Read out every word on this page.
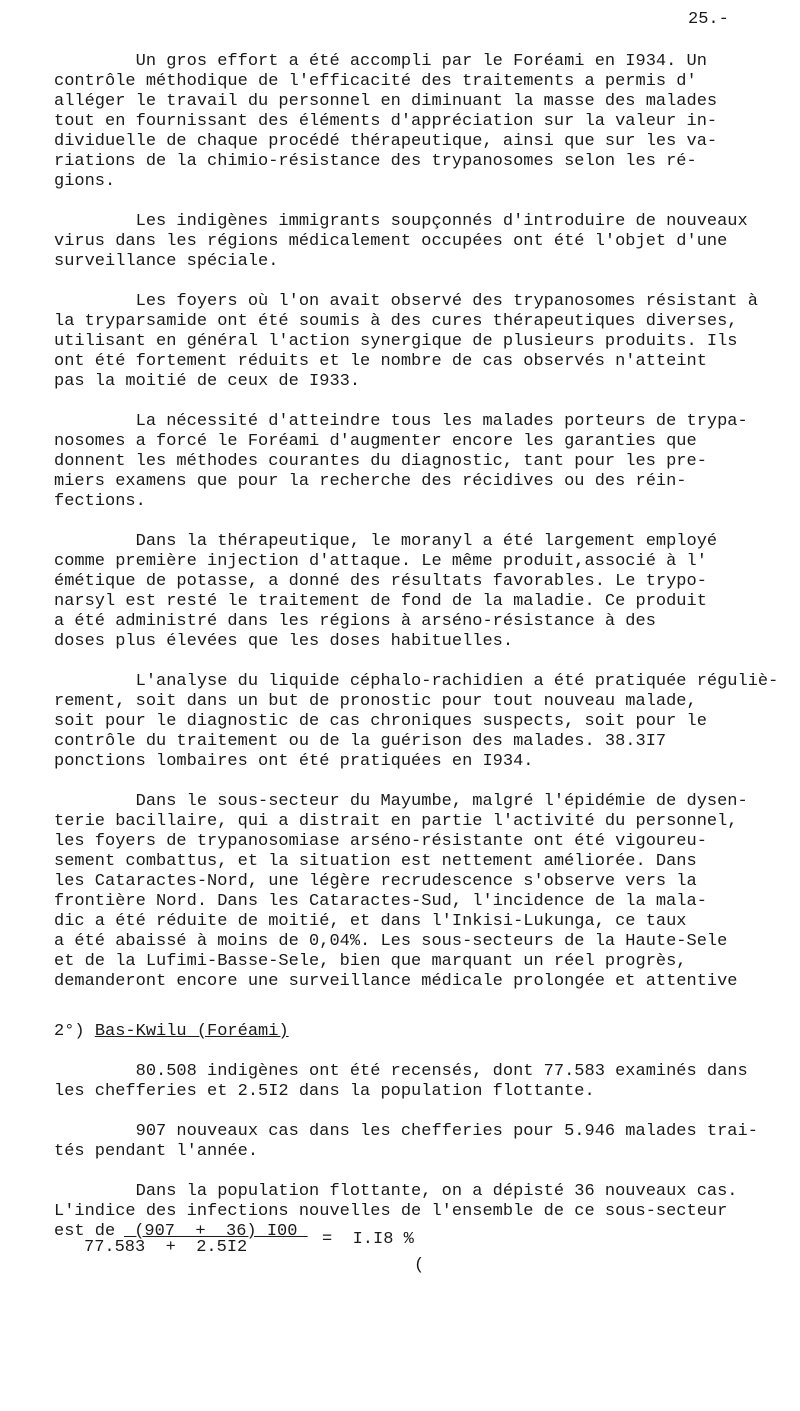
25.-
Un gros effort a été accompli par le Foréami en I934. Un
contrôle méthodique de l'efficacité des traitements a permis d'
alléger le travail du personnel en diminuant la masse des malades
tout en fournissant des éléments d'appréciation sur la valeur in-
dividuelle de chaque procédé thérapeutique, ainsi que sur les va-
riations de la chimio-résistance des trypanosomes selon les ré-
gions.
Les indigènes immigrants soupçonnés d'introduire de nouveaux
virus dans les régions médicalement occupées ont été l'objet d'une
surveillance spéciale.
Les foyers où l'on avait observé des trypanosomes résistant à
la tryparsamide ont été soumis à des cures thérapeutiques diverses,
utilisant en général l'action synergique de plusieurs produits. Ils
ont été fortement réduits et le nombre de cas observés n'atteint
pas la moitié de ceux de I933.
La nécessité d'atteindre tous les malades porteurs de trypa-
nosomes a forcé le Foréami d'augmenter encore les garanties que
donnent les méthodes courantes du diagnostic, tant pour les pre-
miers examens que pour la recherche des récidives ou des réin-
fections.
Dans la thérapeutique, le moranyl a été largement employé
comme première injection d'attaque. Le même produit,associé à l'
émétique de potasse, a donné des résultats favorables. Le trypo-
narsyl est resté le traitement de fond de la maladie. Ce produit
a été administré dans les régions à arséno-résistance à des
doses plus élevées que les doses habituelles.
L'analyse du liquide céphalo-rachidien a été pratiquée réguliè-
rement, soit dans un but de pronostic pour tout nouveau malade,
soit pour le diagnostic de cas chroniques suspects, soit pour le
contrôle du traitement ou de la guérison des malades. 38.3I7
ponctions lombaires ont été pratiquées en I934.
Dans le sous-secteur du Mayumbe, malgré l'épidémie de dysen-
terie bacillaire, qui a distrait en partie l'activité du personnel,
les foyers de trypanosomiase arséno-résistante ont été vigoureu-
sement combattus, et la situation est nettement améliorée. Dans
les Cataractes-Nord, une légère recrudescence s'observe vers la
frontière Nord. Dans les Cataractes-Sud, l'incidence de la mala-
dic a été réduite de moitié, et dans l'Inkisi-Lukunga, ce taux
a été abaissé à moins de 0,04%. Les sous-secteurs de la Haute-Sele
et de la Lufimi-Basse-Sele, bien que marquant un réel progrès,
demanderont encore une surveillance médicale prolongée et attentive
2°) Bas-Kwilu (Foréami)
80.508 indigènes ont été recensés, dont 77.583 examinés dans
les chefferies et 2.5I2 dans la population flottante.
907 nouveaux cas dans les chefferies pour 5.946 malades trai-
tés pendant l'année.
Dans la population flottante, on a dépisté 36 nouveaux cas.
L'indice des infections nouvelles de l'ensemble de ce sous-secteur
est de
(907  +  36) I00
77.583  +  2.5I2	=  I.I8 %
(
